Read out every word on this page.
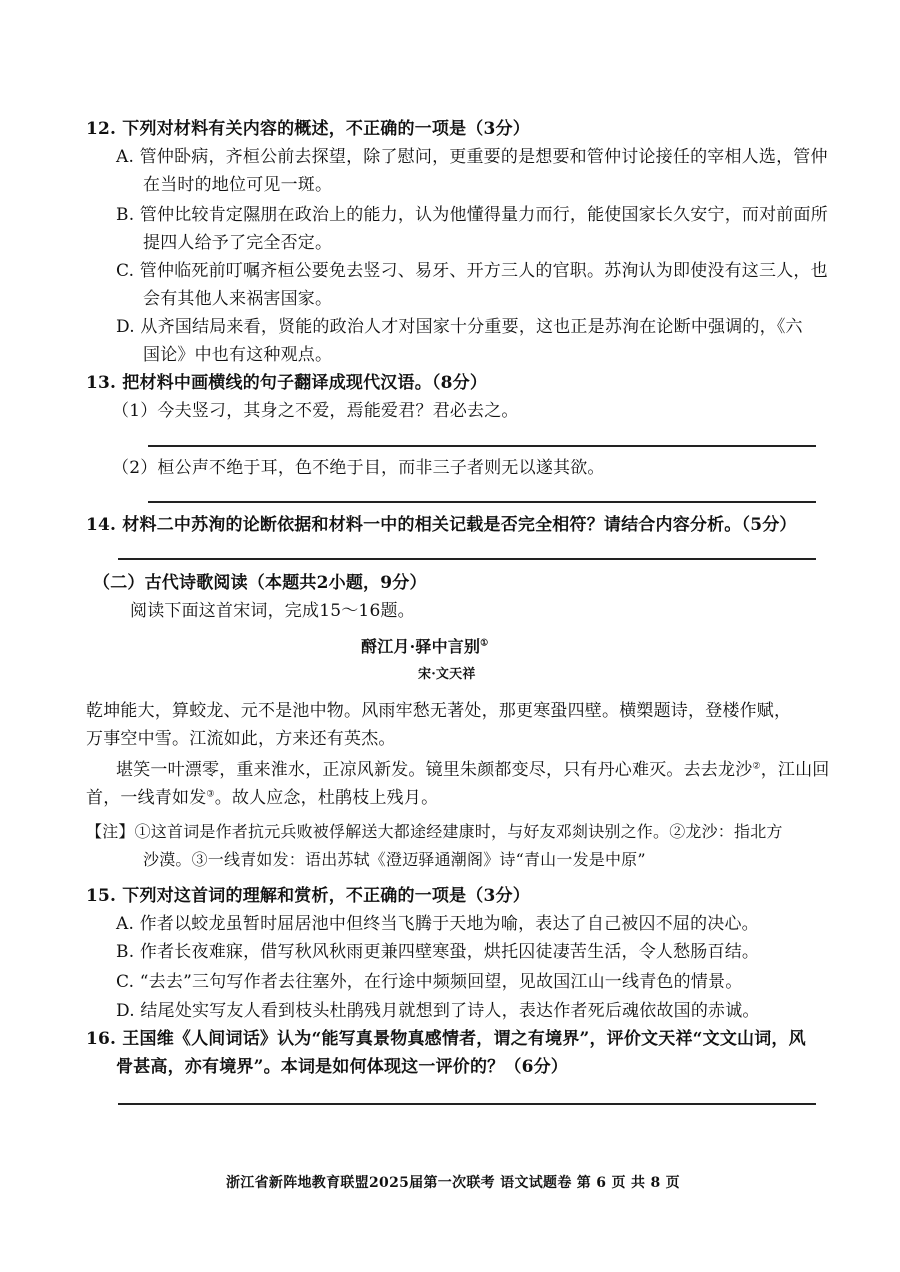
12. 下列对材料有关内容的概述，不正确的一项是（3分）
A. 管仲卧病，齐桓公前去探望，除了慰问，更重要的是想要和管仲讨论接任的宰相人选，管仲
在当时的地位可见一斑。
B. 管仲比较肯定隰朋在政治上的能力，认为他懂得量力而行，能使国家长久安宁，而对前面所
提四人给予了完全否定。
C. 管仲临死前叮嘱齐桓公要免去竖刁、易牙、开方三人的官职。苏洵认为即使没有这三人，也
会有其他人来祸害国家。
D. 从齐国结局来看，贤能的政治人才对国家十分重要，这也正是苏洵在论断中强调的，《六
国论》中也有这种观点。
13. 把材料中画横线的句子翻译成现代汉语。（8分）
（1）今夫竖刁，其身之不爱，焉能爱君？君必去之。
（2）桓公声不绝于耳，色不绝于目，而非三子者则无以遂其欲。
14. 材料二中苏洵的论断依据和材料一中的相关记载是否完全相符？请结合内容分析。（5分）
（二）古代诗歌阅读（本题共2小题，9分）
阅读下面这首宋词，完成15～16题。
酹江月·驿中言别①
宋·文天祥
乾坤能大，算蛟龙、元不是池中物。风雨牢愁无著处，那更寒蛩四壁。横槊题诗，登楼作赋，
万事空中雪。江流如此，方来还有英杰。
堪笑一叶漂零，重来淮水，正凉风新发。镜里朱颜都变尽，只有丹心难灭。去去龙沙②，江山回
首，一线青如发③。故人应念，杜鹃枝上残月。
【注】①这首词是作者抗元兵败被俘解送大都途经建康时，与好友邓剡诀别之作。②龙沙：指北方
沙漠。③一线青如发：语出苏轼《澄迈驿通潮阁》诗“青山一发是中原”
15. 下列对这首词的理解和赏析，不正确的一项是（3分）
A. 作者以蛟龙虽暂时屈居池中但终当飞腾于天地为喻，表达了自己被囚不屈的决心。
B. 作者长夜难寐，借写秋风秋雨更兼四壁寒蛩，烘托囚徒凄苦生活，令人愁肠百结。
C. “去去”三句写作者去往塞外，在行途中频频回望，见故国江山一线青色的情景。
D. 结尾处实写友人看到枝头杜鹃残月就想到了诗人，表达作者死后魂依故国的赤诚。
16. 王国维《人间词话》认为“能写真景物真感情者，谓之有境界”，评价文天祥“文文山词，风
骨甚高，亦有境界”。本词是如何体现这一评价的？（6分）
浙江省新阵地教育联盟2025届第一次联考 语文试题卷 第 6 页 共 8 页
